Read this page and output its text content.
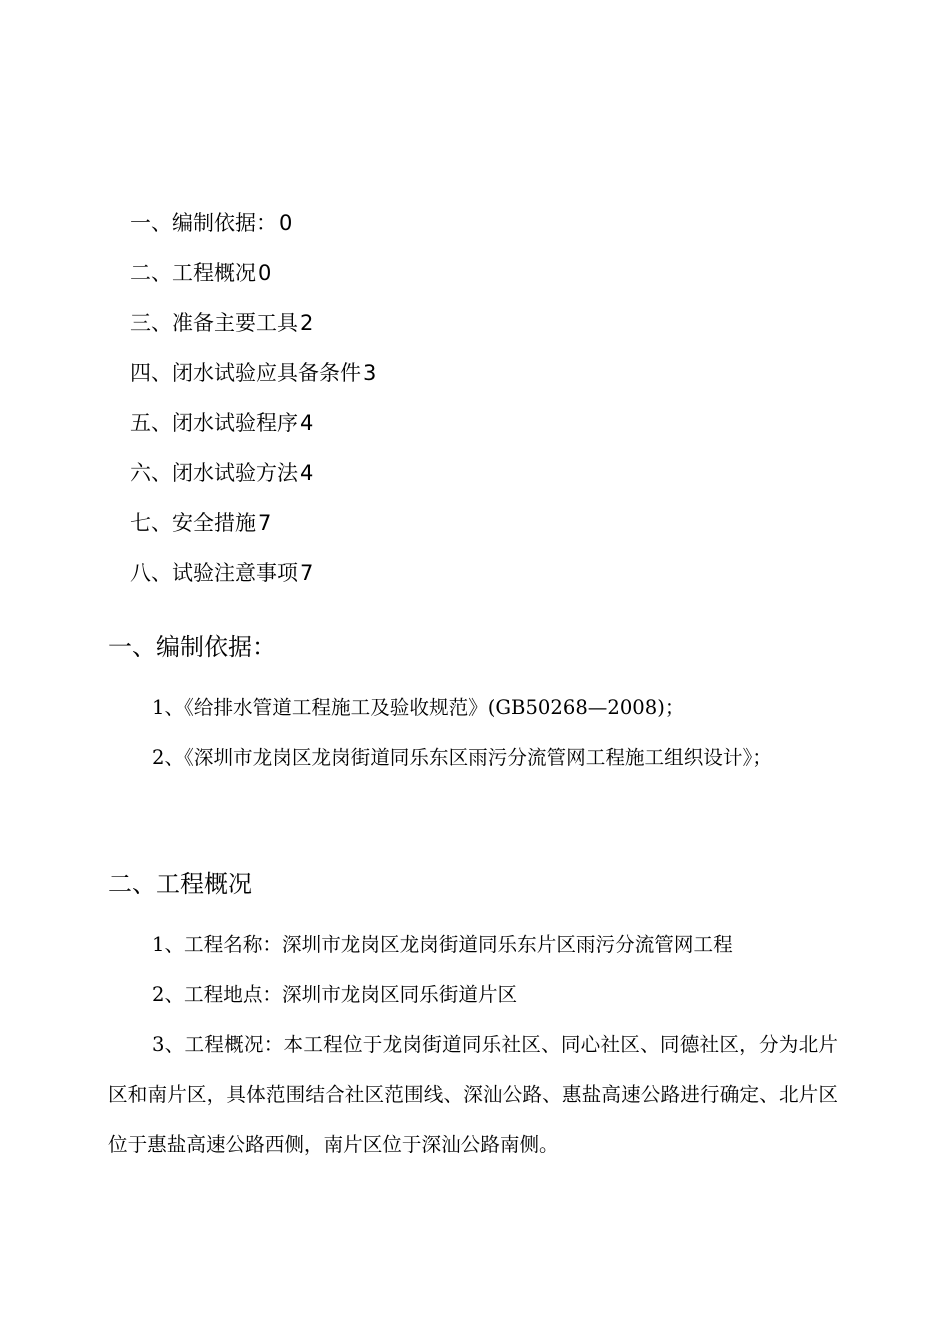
一、编制依据：0
二、工程概况0
三、准备主要工具2
四、闭水试验应具备条件3
五、闭水试验程序4
六、闭水试验方法4
七、安全措施7
八、试验注意事项7
一、编制依据：

1、《给排水管道工程施工及验收规范》(GB50268—2008)；

2、《深圳市龙岗区龙岗街道同乐东区雨污分流管网工程施工组织设计》；

二、工程概况

1、工程名称：深圳市龙岗区龙岗街道同乐东片区雨污分流管网工程

2、工程地点：深圳市龙岗区同乐街道片区

3、工程概况：本工程位于龙岗街道同乐社区、同心社区、同德社区，分为北片区和南片区，具体范围结合社区范围线、深汕公路、惠盐高速公路进行确定、北片区位于惠盐高速公路西侧，南片区位于深汕公路南侧。
